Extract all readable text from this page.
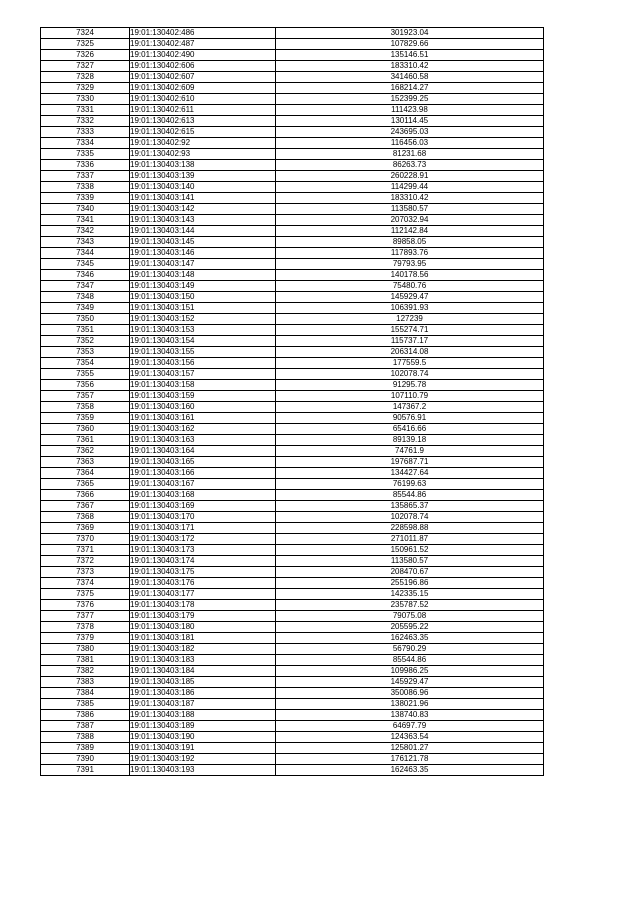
7324	19:01:130402:486	301923.04
7325	19:01:130402:487	107829.66
7326	19:01:130402:490	135146.51
7327	19:01:130402:606	183310.42
7328	19:01:130402:607	341460.58
7329	19:01:130402:609	168214.27
7330	19:01:130402:610	152399.25
7331	19:01:130402:611	111423.98
7332	19:01:130402:613	130114.45
7333	19:01:130402:615	243695.03
7334	19:01:130402:92	116456.03
7335	19:01:130402:93	81231.68
7336	19:01:130403:138	86263.73
7337	19:01:130403:139	260228.91
7338	19:01:130403:140	114299.44
7339	19:01:130403:141	183310.42
7340	19:01:130403:142	113580.57
7341	19:01:130403:143	207032.94
7342	19:01:130403:144	112142.84
7343	19:01:130403:145	89858.05
7344	19:01:130403:146	117893.76
7345	19:01:130403:147	79793.95
7346	19:01:130403:148	140178.56
7347	19:01:130403:149	75480.76
7348	19:01:130403:150	145929.47
7349	19:01:130403:151	106391.93
7350	19:01:130403:152	127239
7351	19:01:130403:153	155274.71
7352	19:01:130403:154	115737.17
7353	19:01:130403:155	206314.08
7354	19:01:130403:156	177559.5
7355	19:01:130403:157	102078.74
7356	19:01:130403:158	91295.78
7357	19:01:130403:159	107110.79
7358	19:01:130403:160	147367.2
7359	19:01:130403:161	90576.91
7360	19:01:130403:162	65416.66
7361	19:01:130403:163	89139.18
7362	19:01:130403:164	74761.9
7363	19:01:130403:165	197687.71
7364	19:01:130403:166	134427.64
7365	19:01:130403:167	76199.63
7366	19:01:130403:168	85544.86
7367	19:01:130403:169	135865.37
7368	19:01:130403:170	102078.74
7369	19:01:130403:171	228598.88
7370	19:01:130403:172	271011.87
7371	19:01:130403:173	150961.52
7372	19:01:130403:174	113580.57
7373	19:01:130403:175	208470.67
7374	19:01:130403:176	255196.86
7375	19:01:130403:177	142335.15
7376	19:01:130403:178	235787.52
7377	19:01:130403:179	79075.08
7378	19:01:130403:180	205595.22
7379	19:01:130403:181	162463.35
7380	19:01:130403:182	56790.29
7381	19:01:130403:183	85544.86
7382	19:01:130403:184	109986.25
7383	19:01:130403:185	145929.47
7384	19:01:130403:186	350086.96
7385	19:01:130403:187	138021.96
7386	19:01:130403:188	138740.83
7387	19:01:130403:189	64697.79
7388	19:01:130403:190	124363.54
7389	19:01:130403:191	125801.27
7390	19:01:130403:192	176121.78
7391	19:01:130403:193	162463.35
